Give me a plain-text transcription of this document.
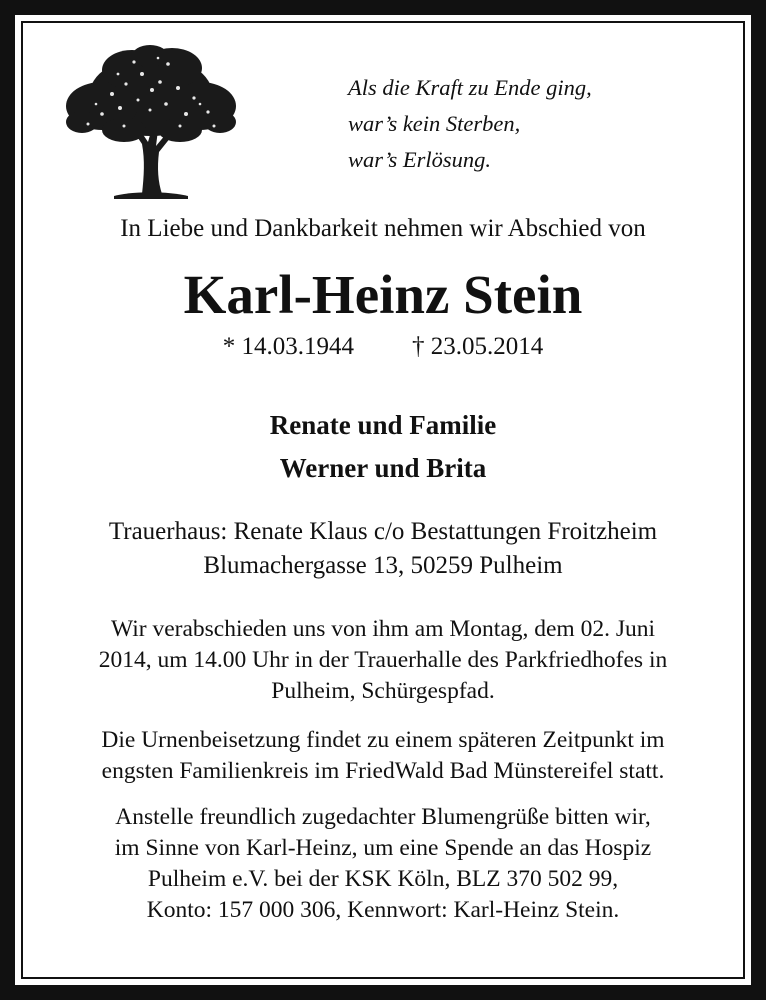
Als die Kraft zu Ende ging,
war’s kein Sterben,
war’s Erlösung.
In Liebe und Dankbarkeit nehmen wir Abschied von
Karl-Heinz Stein
* 14.03.1944 † 23.05.2014
Renate und Familie
Werner und Brita
Trauerhaus: Renate Klaus c/o Bestattungen Froitzheim
Blumachergasse 13, 50259 Pulheim
Wir verabschieden uns von ihm am Montag, dem 02. Juni
2014, um 14.00 Uhr in der Trauerhalle des Parkfriedhofes in
Pulheim, Schürgespfad.
Die Urnenbeisetzung findet zu einem späteren Zeitpunkt im
engsten Familienkreis im FriedWald Bad Münstereifel statt.
Anstelle freundlich zugedachter Blumengrüße bitten wir,
im Sinne von Karl-Heinz, um eine Spende an das Hospiz
Pulheim e.V. bei der KSK Köln, BLZ 370 502 99,
Konto: 157 000 306, Kennwort: Karl-Heinz Stein.
